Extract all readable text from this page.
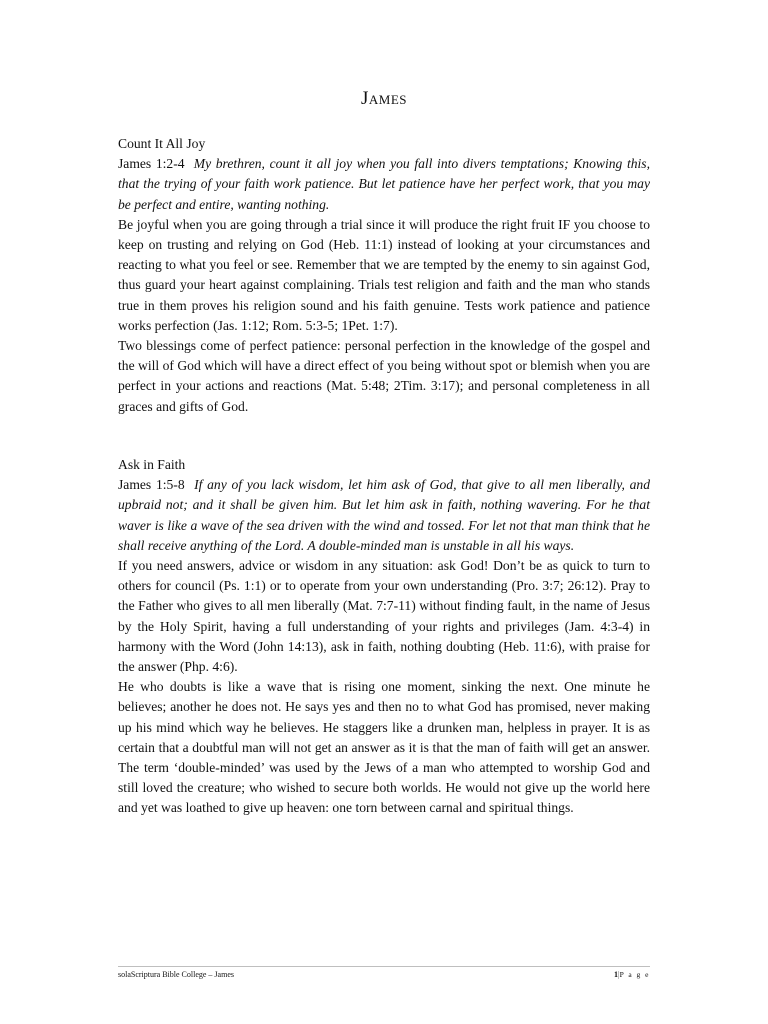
James

Count It All Joy

James 1:2-4 My brethren, count it all joy when you fall into divers temptations; Knowing this, that the trying of your faith work patience. But let patience have her perfect work, that you may be perfect and entire, wanting nothing.

Be joyful when you are going through a trial since it will produce the right fruit IF you choose to keep on trusting and relying on God (Heb. 11:1) instead of looking at your circumstances and reacting to what you feel or see. Remember that we are tempted by the enemy to sin against God, thus guard your heart against complaining. Trials test religion and faith and the man who stands true in them proves his religion sound and his faith genuine. Tests work patience and patience works perfection (Jas. 1:12; Rom. 5:3-5; 1Pet. 1:7).

Two blessings come of perfect patience: personal perfection in the knowledge of the gospel and the will of God which will have a direct effect of you being without spot or blemish when you are perfect in your actions and reactions (Mat. 5:48; 2Tim. 3:17); and personal completeness in all graces and gifts of God.

Ask in Faith

James 1:5-8 If any of you lack wisdom, let him ask of God, that give to all men liberally, and upbraid not; and it shall be given him. But let him ask in faith, nothing wavering. For he that waver is like a wave of the sea driven with the wind and tossed. For let not that man think that he shall receive anything of the Lord. A double-minded man is unstable in all his ways.

If you need answers, advice or wisdom in any situation: ask God! Don’t be as quick to turn to others for council (Ps. 1:1) or to operate from your own understanding (Pro. 3:7; 26:12). Pray to the Father who gives to all men liberally (Mat. 7:7-11) without finding fault, in the name of Jesus by the Holy Spirit, having a full understanding of your rights and privileges (Jam. 4:3-4) in harmony with the Word (John 14:13), ask in faith, nothing doubting (Heb. 11:6), with praise for the answer (Php. 4:6).

He who doubts is like a wave that is rising one moment, sinking the next. One minute he believes; another he does not. He says yes and then no to what God has promised, never making up his mind which way he believes. He staggers like a drunken man, helpless in prayer. It is as certain that a doubtful man will not get an answer as it is that the man of faith will get an answer. The term ‘double-minded’ was used by the Jews of a man who attempted to worship God and still loved the creature; who wished to secure both worlds. He would not give up the world here and yet was loathed to give up heaven: one torn between carnal and spiritual things.

solaScriptura Bible College – James	1|P a g e
